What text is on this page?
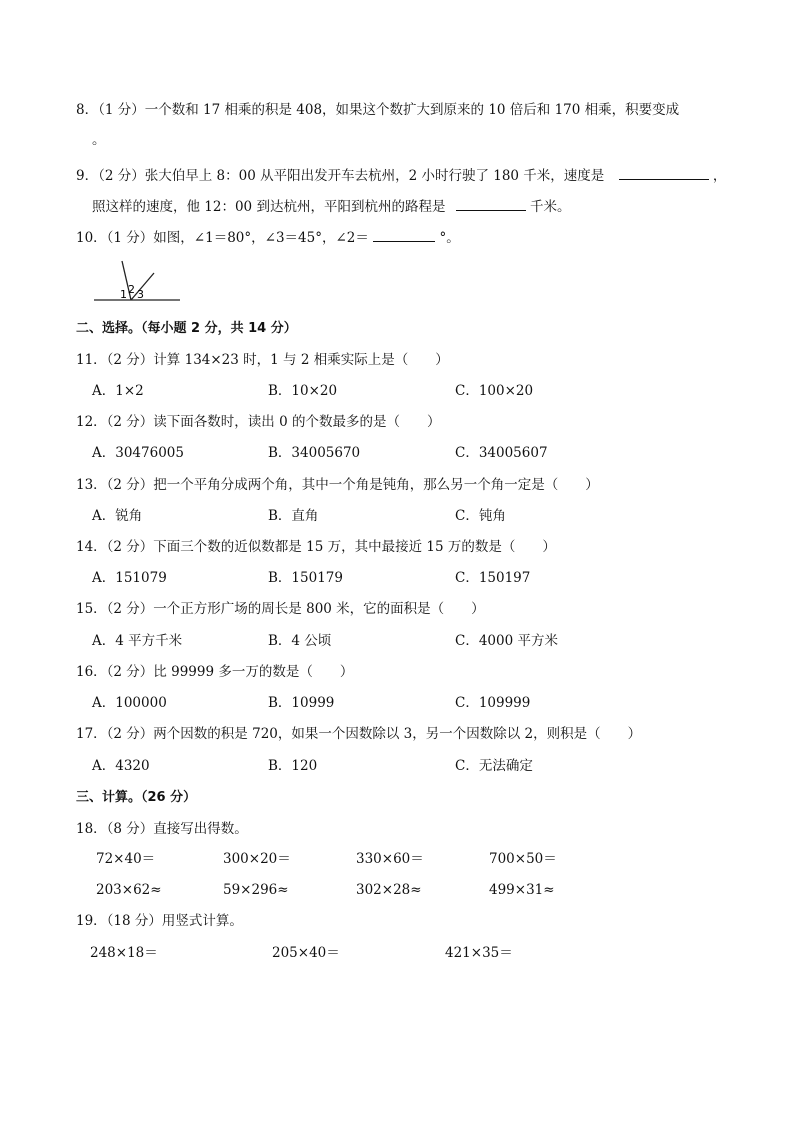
8．（1 分）一个数和 17 相乘的积是 408，如果这个数扩大到原来的 10 倍后和 170 相乘，积要变成
。
9．（2 分）张大伯早上 8：00 从平阳出发开车去杭州，2 小时行驶了 180 千米，速度是	，
照这样的速度，他 12：00 到达杭州，平阳到杭州的路程是	千米。
10．（1 分）如图，∠1＝80°，∠3＝45°，∠2＝	°。
1 2 3
二、选择。（每小题 2 分，共 14 分）
11．（2 分）计算 134×23 时，1 与 2 相乘实际上是（　　）
A．1×2	B．10×20	C．100×20
12．（2 分）读下面各数时，读出 0 的个数最多的是（　　）
A．30476005	B．34005670	C．34005607
13．（2 分）把一个平角分成两个角，其中一个角是钝角，那么另一个角一定是（　　）
A．锐角	B．直角	C．钝角
14．（2 分）下面三个数的近似数都是 15 万，其中最接近 15 万的数是（　　）
A．151079	B．150179	C．150197
15．（2 分）一个正方形广场的周长是 800 米，它的面积是（　　）
A．4 平方千米	B．4 公顷	C．4000 平方米
16．（2 分）比 99999 多一万的数是（　　）
A．100000	B．10999	C．109999
17．（2 分）两个因数的积是 720，如果一个因数除以 3，另一个因数除以 2，则积是（　　）
A．4320	B．120	C．无法确定
三、计算。（26 分）
18．（8 分）直接写出得数。
72×40＝	300×20＝	330×60＝	700×50＝
203×62≈	59×296≈	302×28≈	499×31≈
19．（18 分）用竖式计算。
248×18＝	205×40＝	421×35＝
